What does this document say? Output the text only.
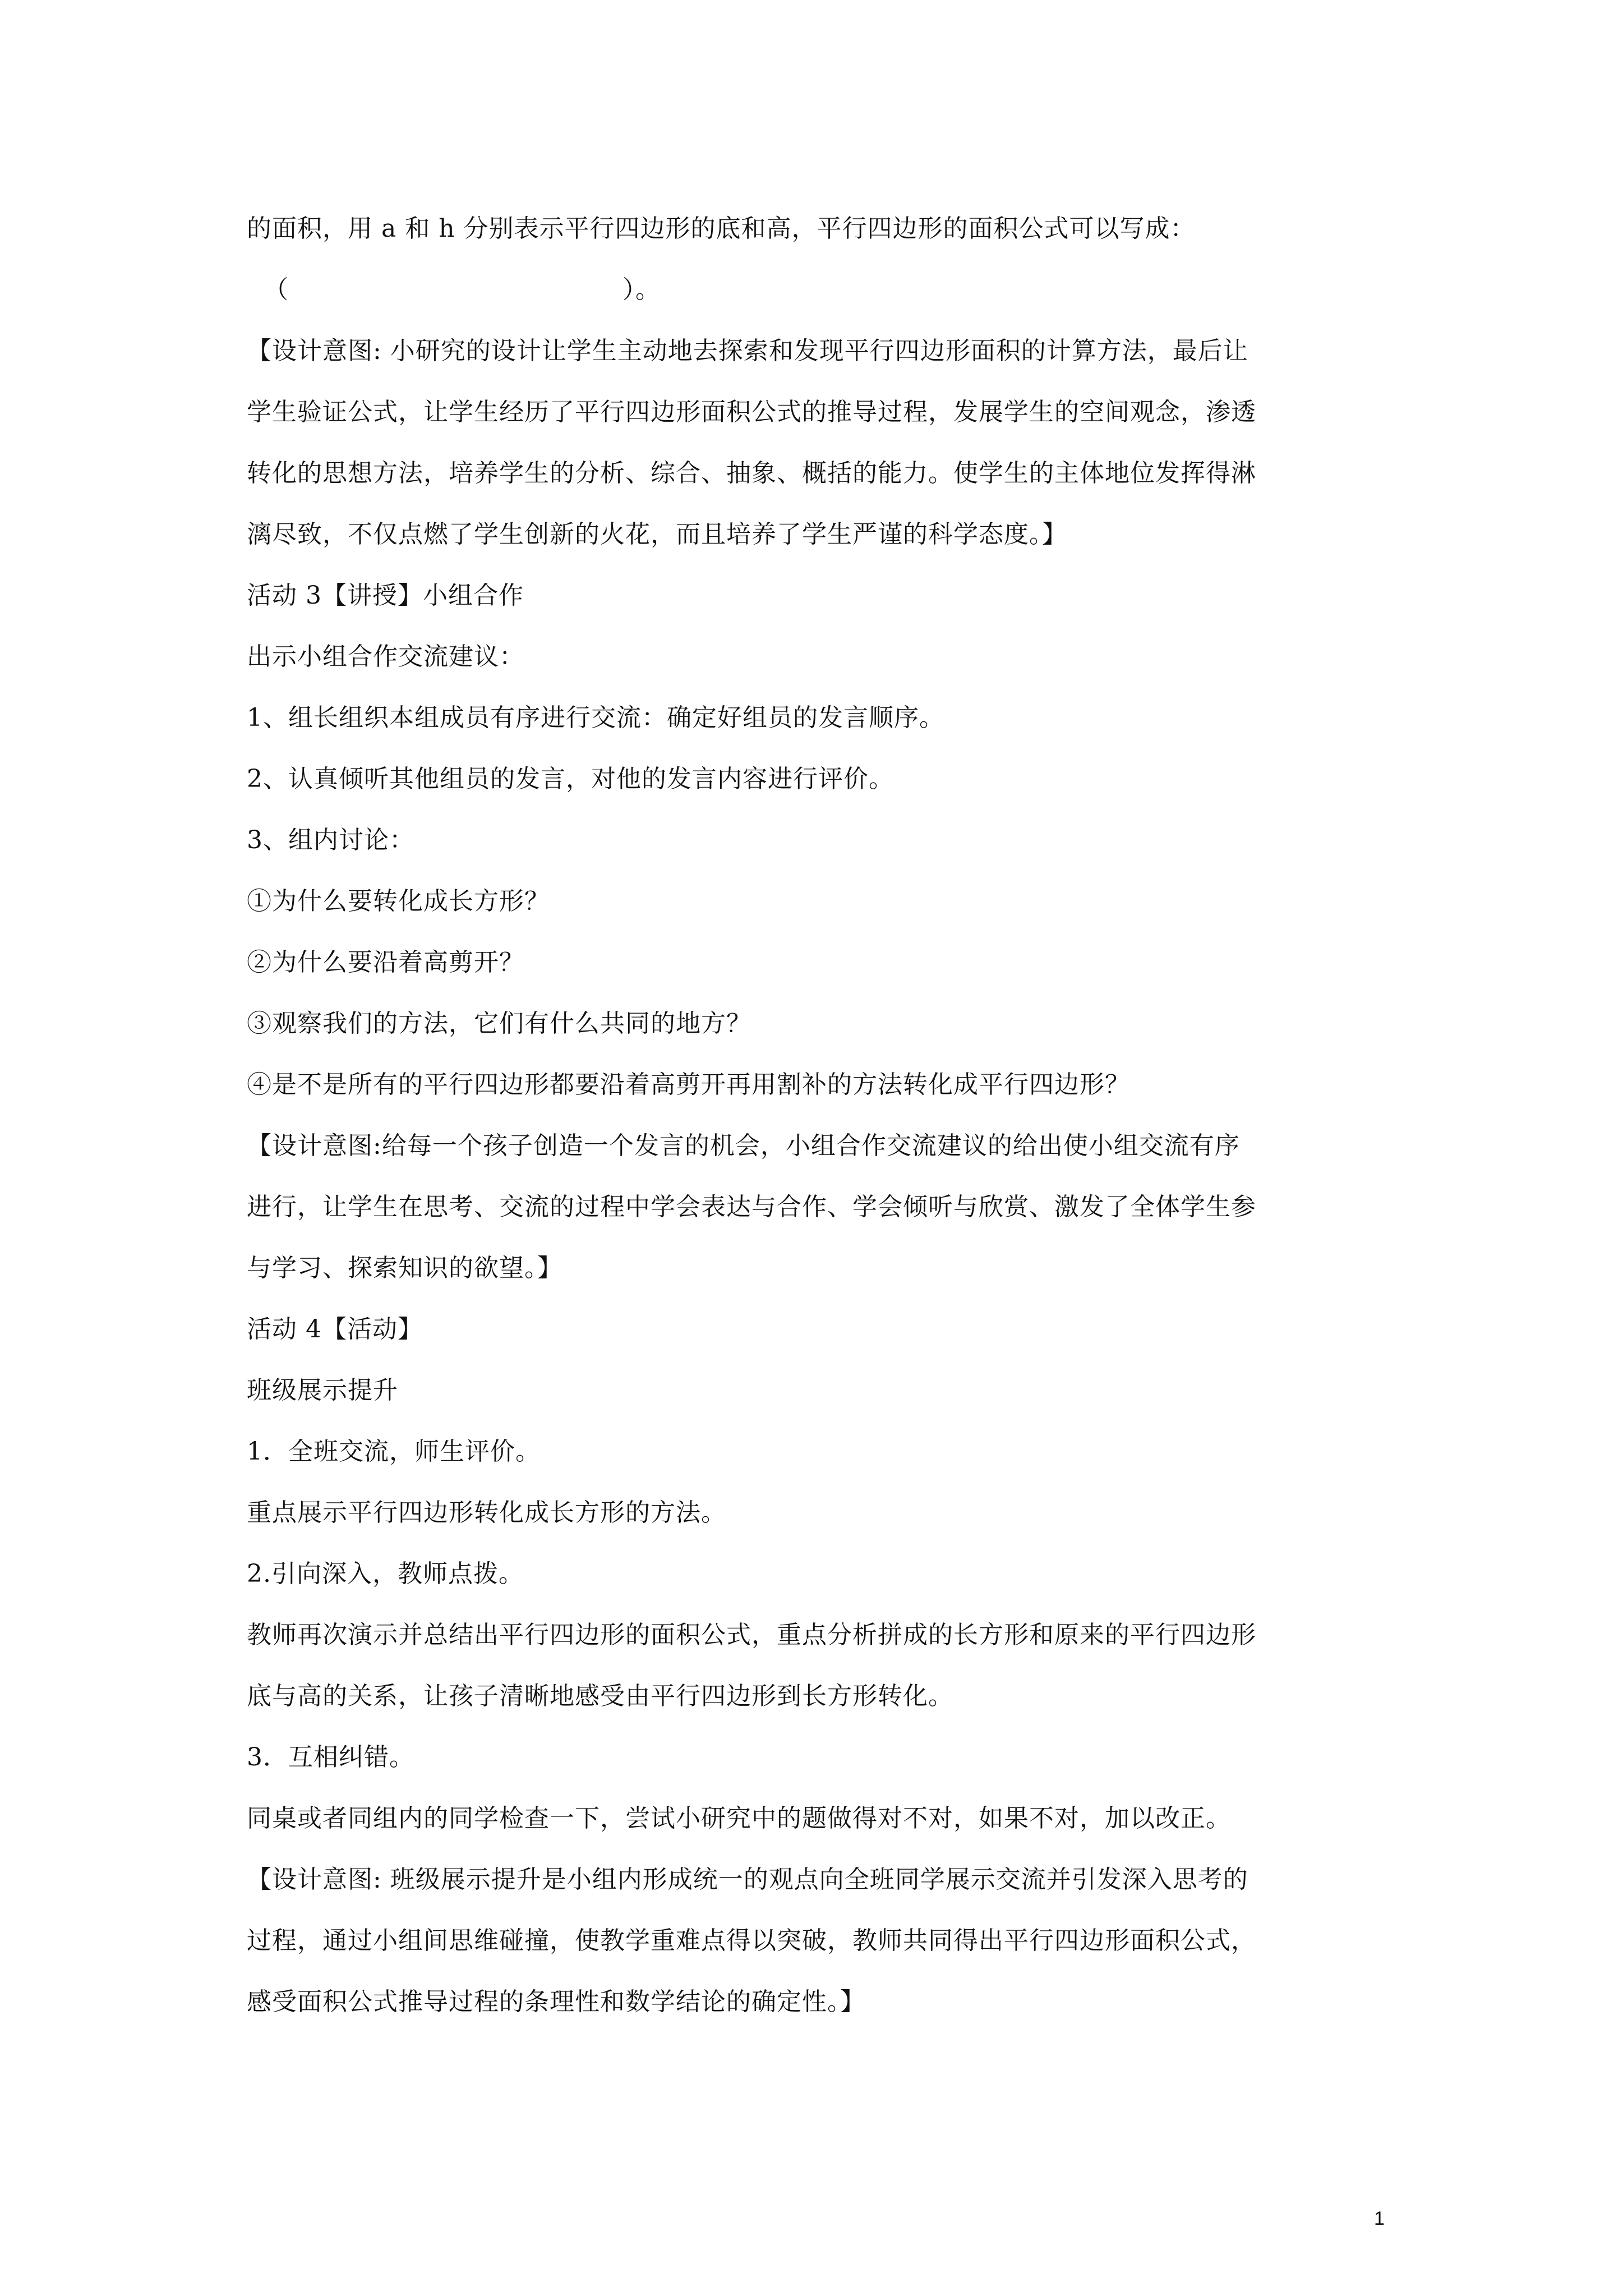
的面积，用 a 和 h 分别表示平行四边形的底和高，平行四边形的面积公式可以写成：
（	）。
【设计意图: 小研究的设计让学生主动地去探索和发现平行四边形面积的计算方法，最后让
学生验证公式，让学生经历了平行四边形面积公式的推导过程，发展学生的空间观念，渗透
转化的思想方法，培养学生的分析、综合、抽象、概括的能力。使学生的主体地位发挥得淋
漓尽致，不仅点燃了学生创新的火花，而且培养了学生严谨的科学态度。】
活动 3【讲授】小组合作
出示小组合作交流建议：
1、组长组织本组成员有序进行交流：确定好组员的发言顺序。
2、认真倾听其他组员的发言，对他的发言内容进行评价。
3、组内讨论：
①为什么要转化成长方形？
②为什么要沿着高剪开？
③观察我们的方法，它们有什么共同的地方？
④是不是所有的平行四边形都要沿着高剪开再用割补的方法转化成平行四边形？
【设计意图:给每一个孩子创造一个发言的机会，小组合作交流建议的给出使小组交流有序
进行，让学生在思考、交流的过程中学会表达与合作、学会倾听与欣赏、激发了全体学生参
与学习、探索知识的欲望。】
活动 4【活动】
班级展示提升
1．全班交流，师生评价。
重点展示平行四边形转化成长方形的方法。
2.引向深入，教师点拨。
教师再次演示并总结出平行四边形的面积公式，重点分析拼成的长方形和原来的平行四边形
底与高的关系，让孩子清晰地感受由平行四边形到长方形转化。
3．互相纠错。
同桌或者同组内的同学检查一下，尝试小研究中的题做得对不对，如果不对，加以改正。
【设计意图: 班级展示提升是小组内形成统一的观点向全班同学展示交流并引发深入思考的
过程，通过小组间思维碰撞，使教学重难点得以突破，教师共同得出平行四边形面积公式，
感受面积公式推导过程的条理性和数学结论的确定性。】
1
